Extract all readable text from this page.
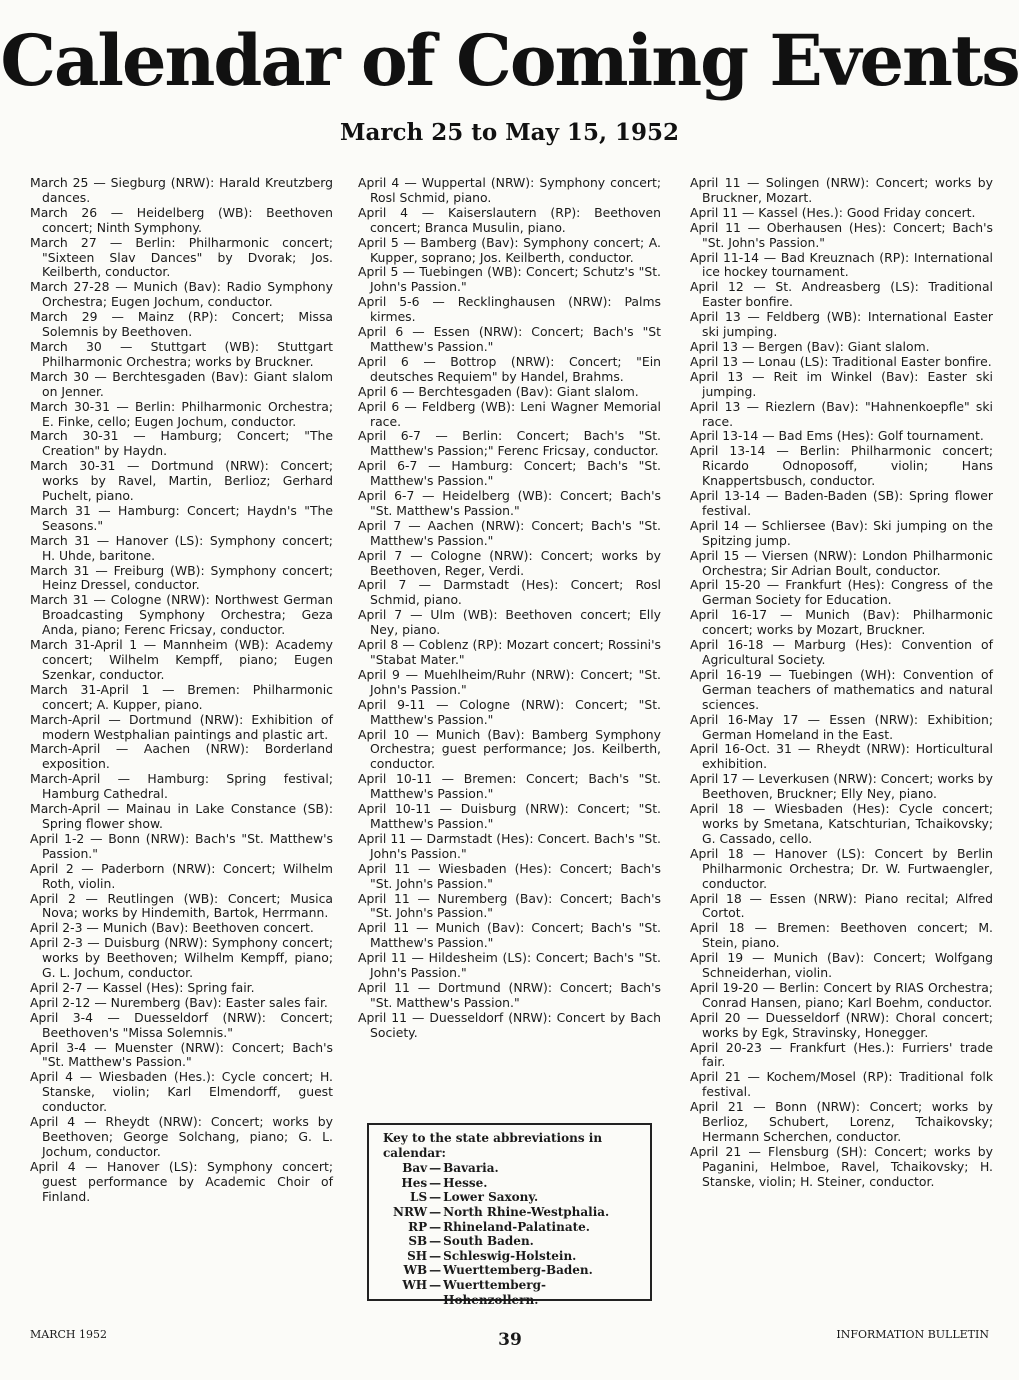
Calendar of Coming Events
March 25 to May 15, 1952

March 25 — Siegburg (NRW): Harald Kreutzberg dances.

March 26 — Heidelberg (WB): Beethoven concert; Ninth Symphony.

March 27 — Berlin: Philharmonic concert; "Sixteen Slav Dances" by Dvorak; Jos. Keilberth, conductor.

March 27-28 — Munich (Bav): Radio Symphony Orchestra; Eugen Jochum, conductor.

March 29 — Mainz (RP): Concert; Missa Solemnis by Beethoven.

March 30 — Stuttgart (WB): Stuttgart Philharmonic Orchestra; works by Bruckner.

March 30 — Berchtesgaden (Bav): Giant slalom on Jenner.

March 30-31 — Berlin: Philharmonic Orchestra; E. Finke, cello; Eugen Jochum, conductor.

March 30-31 — Hamburg; Concert; "The Creation" by Haydn.

March 30-31 — Dortmund (NRW): Concert; works by Ravel, Martin, Berlioz; Gerhard Puchelt, piano.

March 31 — Hamburg: Concert; Haydn's "The Seasons."

March 31 — Hanover (LS): Symphony concert; H. Uhde, baritone.

March 31 — Freiburg (WB): Symphony concert; Heinz Dressel, conductor.

March 31 — Cologne (NRW): Northwest German Broadcasting Symphony Orchestra; Geza Anda, piano; Ferenc Fricsay, conductor.

March 31-April 1 — Mannheim (WB): Academy concert; Wilhelm Kempff, piano; Eugen Szenkar, conductor.

March 31-April 1 — Bremen: Philharmonic concert; A. Kupper, piano.

March-April — Dortmund (NRW): Exhibition of modern Westphalian paintings and plastic art.

March-April — Aachen (NRW): Borderland exposition.

March-April — Hamburg: Spring festival; Hamburg Cathedral.

March-April — Mainau in Lake Constance (SB): Spring flower show.

April 1-2 — Bonn (NRW): Bach's "St. Matthew's Passion."

April 2 — Paderborn (NRW): Concert; Wilhelm Roth, violin.

April 2 — Reutlingen (WB): Concert; Musica Nova; works by Hindemith, Bartok, Herrmann.

April 2-3 — Munich (Bav): Beethoven concert.

April 2-3 — Duisburg (NRW): Symphony concert; works by Beethoven; Wilhelm Kempff, piano; G. L. Jochum, conductor.

April 2-7 — Kassel (Hes): Spring fair.

April 2-12 — Nuremberg (Bav): Easter sales fair.

April 3-4 — Duesseldorf (NRW): Concert; Beethoven's "Missa Solemnis."

April 3-4 — Muenster (NRW): Concert; Bach's "St. Matthew's Passion."

April 4 — Wiesbaden (Hes.): Cycle concert; H. Stanske, violin; Karl Elmendorff, guest conductor.

April 4 — Rheydt (NRW): Concert; works by Beethoven; George Solchang, piano; G. L. Jochum, conductor.

April 4 — Hanover (LS): Symphony concert; guest performance by Academic Choir of Finland.

April 4 — Wuppertal (NRW): Symphony concert; Rosl Schmid, piano.

April 4 — Kaiserslautern (RP): Beethoven concert; Branca Musulin, piano.

April 5 — Bamberg (Bav): Symphony concert; A. Kupper, soprano; Jos. Keilberth, conductor.

April 5 — Tuebingen (WB): Concert; Schutz's "St. John's Passion."

April 5-6 — Recklinghausen (NRW): Palms kirmes.

April 6 — Essen (NRW): Concert; Bach's "St Matthew's Passion."

April 6 — Bottrop (NRW): Concert; "Ein deutsches Requiem" by Handel, Brahms.

April 6 — Berchtesgaden (Bav): Giant slalom.

April 6 — Feldberg (WB): Leni Wagner Memorial race.

April 6-7 — Berlin: Concert; Bach's "St. Matthew's Passion;" Ferenc Fricsay, conductor.

April 6-7 — Hamburg: Concert; Bach's "St. Matthew's Passion."

April 6-7 — Heidelberg (WB): Concert; Bach's "St. Matthew's Passion."

April 7 — Aachen (NRW): Concert; Bach's "St. Matthew's Passion."

April 7 — Cologne (NRW): Concert; works by Beethoven, Reger, Verdi.

April 7 — Darmstadt (Hes): Concert; Rosl Schmid, piano.

April 7 — Ulm (WB): Beethoven concert; Elly Ney, piano.

April 8 — Coblenz (RP): Mozart concert; Rossini's "Stabat Mater."

April 9 — Muehlheim/Ruhr (NRW): Concert; "St. John's Passion."

April 9-11 — Cologne (NRW): Concert; "St. Matthew's Passion."

April 10 — Munich (Bav): Bamberg Symphony Orchestra; guest performance; Jos. Keilberth, conductor.

April 10-11 — Bremen: Concert; Bach's "St. Matthew's Passion."

April 10-11 — Duisburg (NRW): Concert; "St. Matthew's Passion."

April 11 — Darmstadt (Hes): Concert. Bach's "St. John's Passion."

April 11 — Wiesbaden (Hes): Concert; Bach's "St. John's Passion."

April 11 — Nuremberg (Bav): Concert; Bach's "St. John's Passion."

April 11 — Munich (Bav): Concert; Bach's "St. Matthew's Passion."

April 11 — Hildesheim (LS): Concert; Bach's "St. John's Passion."

April 11 — Dortmund (NRW): Concert; Bach's "St. Matthew's Passion."

April 11 — Duesseldorf (NRW): Concert by Bach Society.

April 11 — Solingen (NRW): Concert; works by Bruckner, Mozart.

April 11 — Kassel (Hes.): Good Friday concert.

April 11 — Oberhausen (Hes): Concert; Bach's "St. John's Passion."

April 11-14 — Bad Kreuznach (RP): International ice hockey tournament.

April 12 — St. Andreasberg (LS): Traditional Easter bonfire.

April 13 — Feldberg (WB): International Easter ski jumping.

April 13 — Bergen (Bav): Giant slalom.

April 13 — Lonau (LS): Traditional Easter bonfire.

April 13 — Reit im Winkel (Bav): Easter ski jumping.

April 13 — Riezlern (Bav): "Hahnenkoepfle" ski race.

April 13-14 — Bad Ems (Hes): Golf tournament.

April 13-14 — Berlin: Philharmonic concert; Ricardo Odnoposoff, violin; Hans Knappertsbusch, conductor.

April 13-14 — Baden-Baden (SB): Spring flower festival.

April 14 — Schliersee (Bav): Ski jumping on the Spitzing jump.

April 15 — Viersen (NRW): London Philharmonic Orchestra; Sir Adrian Boult, conductor.

April 15-20 — Frankfurt (Hes): Congress of the German Society for Education.

April 16-17 — Munich (Bav): Philharmonic concert; works by Mozart, Bruckner.

April 16-18 — Marburg (Hes): Convention of Agricultural Society.

April 16-19 — Tuebingen (WH): Convention of German teachers of mathematics and natural sciences.

April 16-May 17 — Essen (NRW): Exhibition; German Homeland in the East.

April 16-Oct. 31 — Rheydt (NRW): Horticultural exhibition.

April 17 — Leverkusen (NRW): Concert; works by Beethoven, Bruckner; Elly Ney, piano.

April 18 — Wiesbaden (Hes): Cycle concert; works by Smetana, Katschturian, Tchaikovsky; G. Cassado, cello.

April 18 — Hanover (LS): Concert by Berlin Philharmonic Orchestra; Dr. W. Furtwaengler, conductor.

April 18 — Essen (NRW): Piano recital; Alfred Cortot.

April 18 — Bremen: Beethoven concert; M. Stein, piano.

April 19 — Munich (Bav): Concert; Wolfgang Schneiderhan, violin.

April 19-20 — Berlin: Concert by RIAS Orchestra; Conrad Hansen, piano; Karl Boehm, conductor.

April 20 — Duesseldorf (NRW): Choral concert; works by Egk, Stravinsky, Honegger.

April 20-23 — Frankfurt (Hes.): Furriers' trade fair.

April 21 — Kochem/Mosel (RP): Traditional folk festival.

April 21 — Bonn (NRW): Concert; works by Berlioz, Schubert, Lorenz, Tchaikovsky; Hermann Scherchen, conductor.

April 21 — Flensburg (SH): Concert; works by Paganini, Helmboe, Ravel, Tchaikovsky; H. Stanske, violin; H. Steiner, conductor.

Key to the state abbreviations in calendar:

Bav	—	Bavaria.
Hes	—	Hesse.
LS	—	Lower Saxony.
NRW	—	North Rhine-Westphalia.
RP	—	Rhineland-Palatinate.
SB	—	South Baden.
SH	—	Schleswig-Holstein.
WB	—	Wuerttemberg-Baden.
WH	—	Wuerttemberg-Hohenzollern.
MARCH 1952	39	INFORMATION BULLETIN
